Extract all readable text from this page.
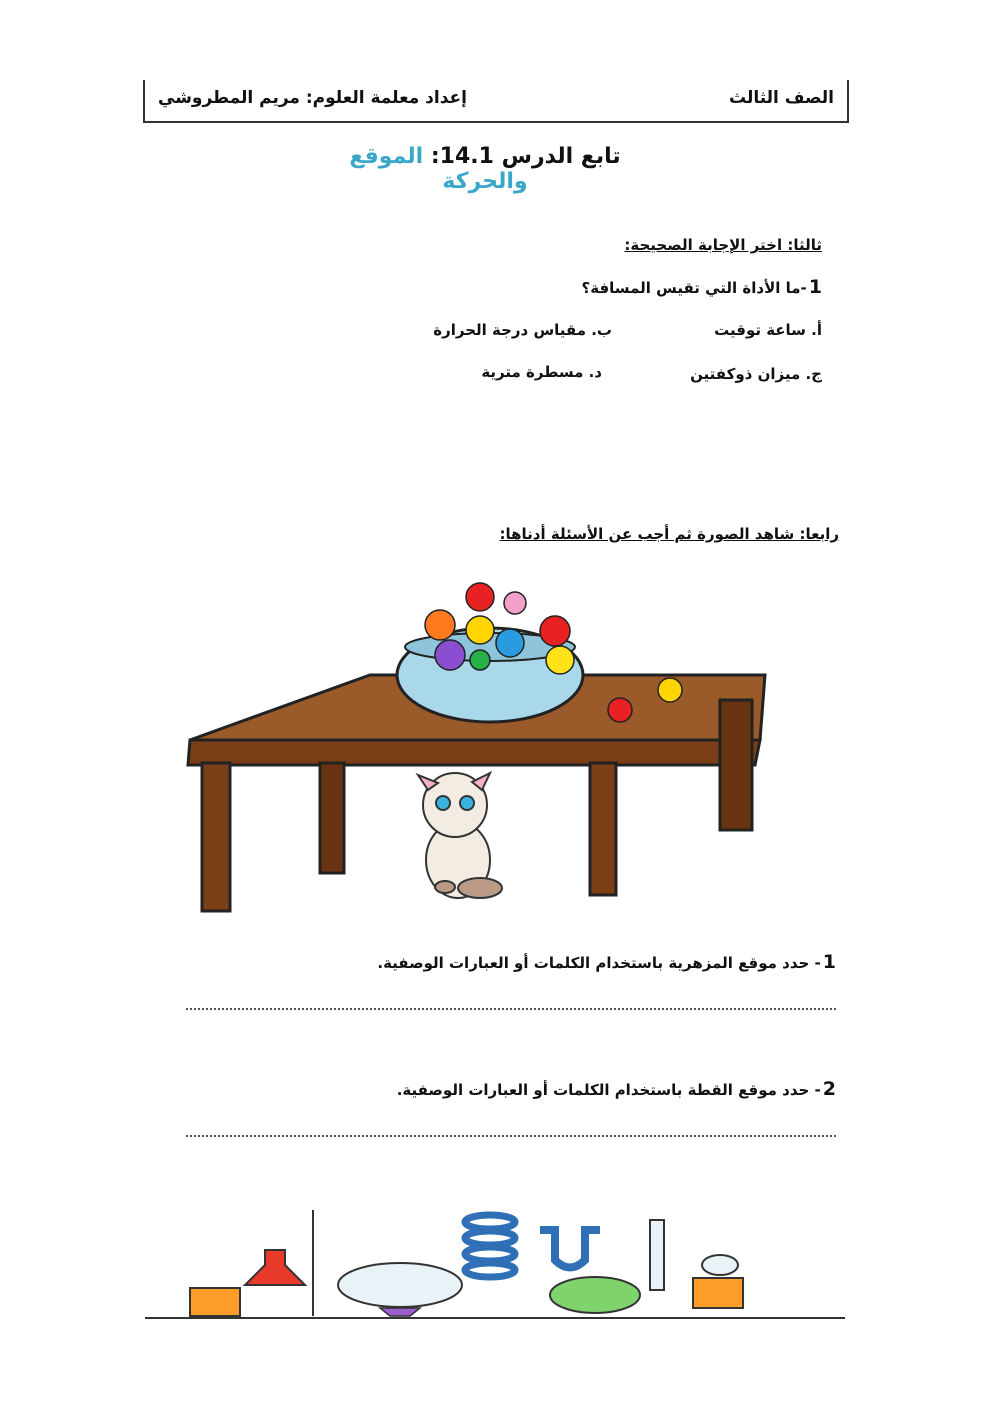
الصف الثالث
إعداد معلمة العلوم: مريم المطروشي
تابع الدرس 14.1: الموقع والحركة
ثالثا: اختر الإجابة الصحيحة:
1-ما الأداة التي تقيس المسافة؟
أ. ساعة توقيت
ب. مقياس درجة الحرارة
ج. ميزان ذوكفتين
د. مسطرة مترية
رابعا: شاهد الصورة ثم أجب عن الأسئلة أدناها:
1- حدد موقع المزهرية باستخدام الكلمات أو العبارات الوصفية.
2- حدد موقع القطة باستخدام الكلمات أو العبارات الوصفية.
